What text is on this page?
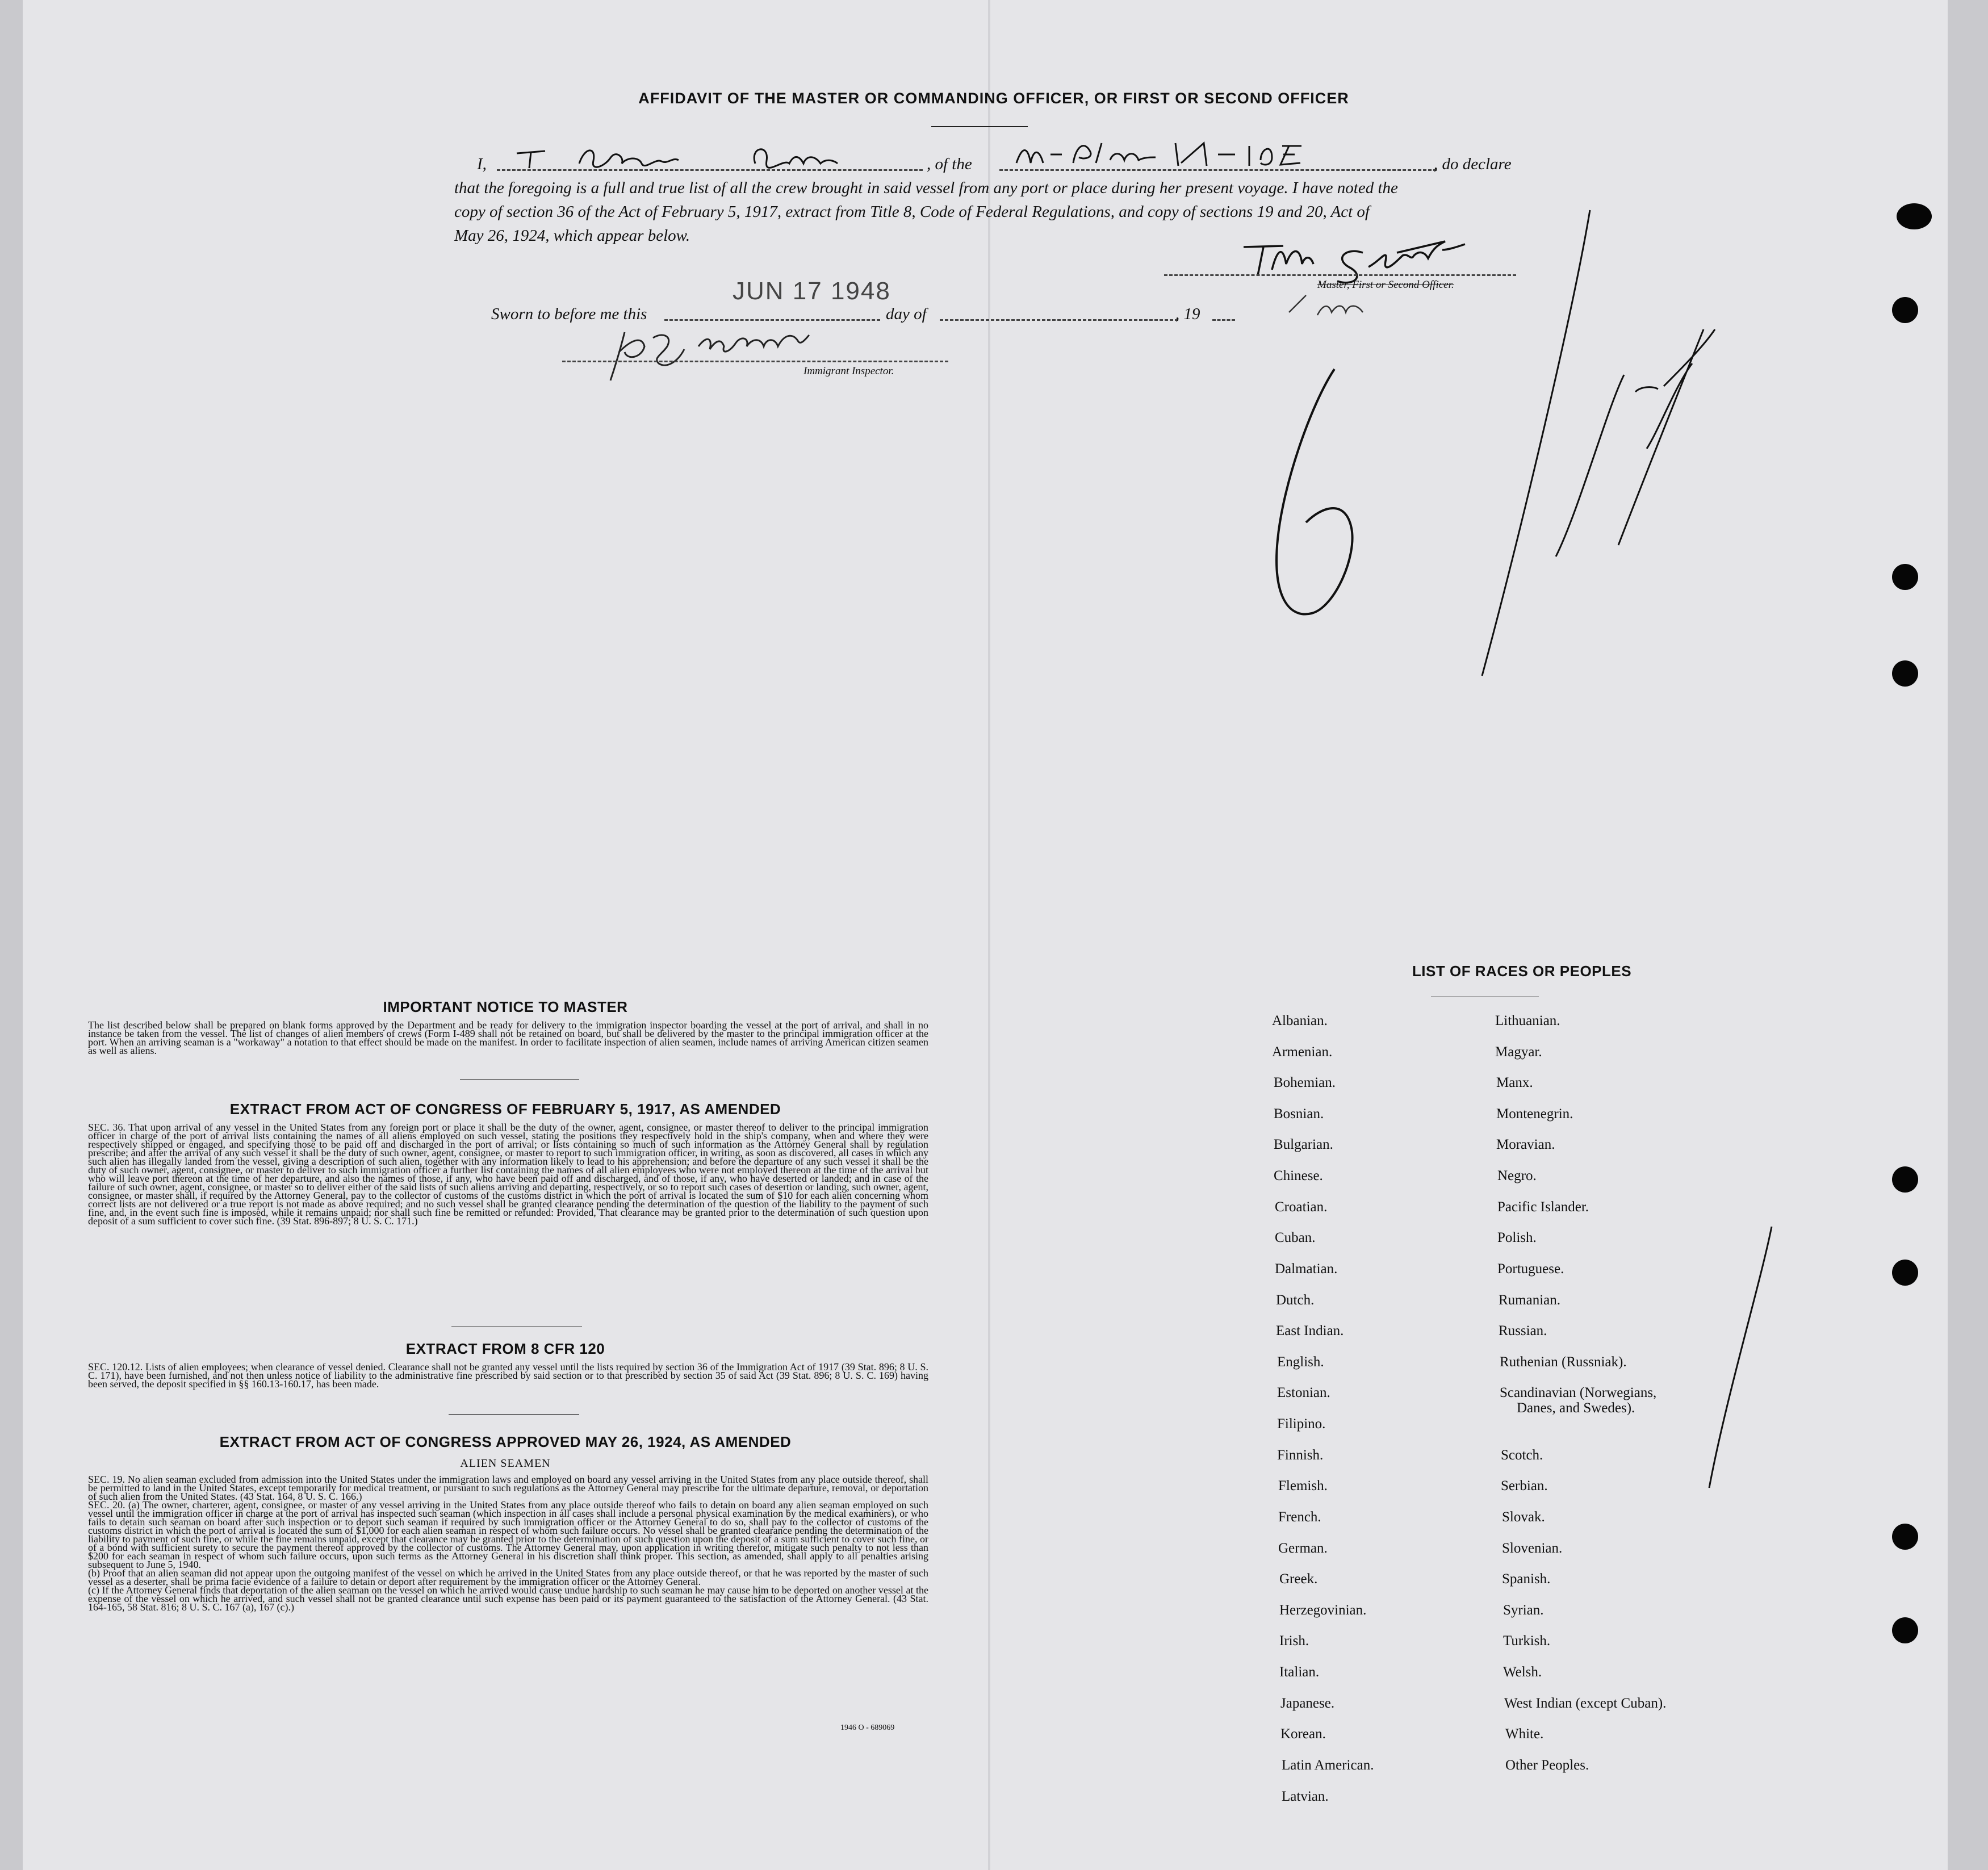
AFFIDAVIT OF THE MASTER OR COMMANDING OFFICER, OR FIRST OR SECOND OFFICER
I,	, of the	, do declare
that the foregoing is a full and true list of all the crew brought in said vessel from any port or place during her present voyage. I have noted the
copy of section 36 of the Act of February 5, 1917, extract from Title 8, Code of Federal Regulations, and copy of sections 19 and 20, Act of
May 26, 1924, which appear below.
Master, First or Second Officer.
Sworn to before me this
JUN 17 1948
day of	, 19
Immigrant Inspector.
IMPORTANT NOTICE TO MASTER

The list described below shall be prepared on blank forms approved by the Department and be ready for delivery to the immigration inspector boarding the vessel at the port of arrival, and shall in no instance be taken from the vessel. The list of changes of alien members of crews (Form I-489 shall not be retained on board, but shall be delivered by the master to the principal immigration officer at the port. When an arriving seaman is a "workaway" a notation to that effect should be made on the manifest. In order to facilitate inspection of alien seamen, include names of arriving American citizen seamen as well as aliens.

EXTRACT FROM ACT OF CONGRESS OF FEBRUARY 5, 1917, AS AMENDED

SEC. 36. That upon arrival of any vessel in the United States from any foreign port or place it shall be the duty of the owner, agent, consignee, or master thereof to deliver to the principal immigration officer in charge of the port of arrival lists containing the names of all aliens employed on such vessel, stating the positions they respectively hold in the ship's company, when and where they were respectively shipped or engaged, and specifying those to be paid off and discharged in the port of arrival; or lists containing so much of such information as the Attorney General shall by regulation prescribe; and after the arrival of any such vessel it shall be the duty of such owner, agent, consignee, or master to report to such immigration officer, in writing, as soon as discovered, all cases in which any such alien has illegally landed from the vessel, giving a description of such alien, together with any information likely to lead to his apprehension; and before the departure of any such vessel it shall be the duty of such owner, agent, consignee, or master to deliver to such immigration officer a further list containing the names of all alien employees who were not employed thereon at the time of the arrival but who will leave port thereon at the time of her departure, and also the names of those, if any, who have been paid off and discharged, and of those, if any, who have deserted or landed; and in case of the failure of such owner, agent, consignee, or master so to deliver either of the said lists of such aliens arriving and departing, respectively, or so to report such cases of desertion or landing, such owner, agent, consignee, or master shall, if required by the Attorney General, pay to the collector of customs of the customs district in which the port of arrival is located the sum of $10 for each alien concerning whom correct lists are not delivered or a true report is not made as above required; and no such vessel shall be granted clearance pending the determination of the question of the liability to the payment of such fine, and, in the event such fine is imposed, while it remains unpaid; nor shall such fine be remitted or refunded: Provided, That clearance may be granted prior to the determination of such question upon deposit of a sum sufficient to cover such fine. (39 Stat. 896-897; 8 U. S. C. 171.)

EXTRACT FROM 8 CFR 120

SEC. 120.12. Lists of alien employees; when clearance of vessel denied. Clearance shall not be granted any vessel until the lists required by section 36 of the Immigration Act of 1917 (39 Stat. 896; 8 U. S. C. 171), have been furnished, and not then unless notice of liability to the administrative fine prescribed by said section or to that prescribed by section 35 of said Act (39 Stat. 896; 8 U. S. C. 169) having been served, the deposit specified in §§ 160.13-160.17, has been made.

EXTRACT FROM ACT OF CONGRESS APPROVED MAY 26, 1924, AS AMENDED
ALIEN SEAMEN

SEC. 19. No alien seaman excluded from admission into the United States under the immigration laws and employed on board any vessel arriving in the United States from any place outside thereof, shall be permitted to land in the United States, except temporarily for medical treatment, or pursuant to such regulations as the Attorney General may prescribe for the ultimate departure, removal, or deportation of such alien from the United States. (43 Stat. 164, 8 U. S. C. 166.)

SEC. 20. (a) The owner, charterer, agent, consignee, or master of any vessel arriving in the United States from any place outside thereof who fails to detain on board any alien seaman employed on such vessel until the immigration officer in charge at the port of arrival has inspected such seaman (which inspection in all cases shall include a personal physical examination by the medical examiners), or who fails to detain such seaman on board after such inspection or to deport such seaman if required by such immigration officer or the Attorney General to do so, shall pay to the collector of customs of the customs district in which the port of arrival is located the sum of $1,000 for each alien seaman in respect of whom such failure occurs. No vessel shall be granted clearance pending the determination of the liability to payment of such fine, or while the fine remains unpaid, except that clearance may be granted prior to the determination of such question upon the deposit of a sum sufficient to cover such fine, or of a bond with sufficient surety to secure the payment thereof approved by the collector of customs. The Attorney General may, upon application in writing therefor, mitigate such penalty to not less than $200 for each seaman in respect of whom such failure occurs, upon such terms as the Attorney General in his discretion shall think proper. This section, as amended, shall apply to all penalties arising subsequent to June 5, 1940.

(b) Proof that an alien seaman did not appear upon the outgoing manifest of the vessel on which he arrived in the United States from any place outside thereof, or that he was reported by the master of such vessel as a deserter, shall be prima facie evidence of a failure to detain or deport after requirement by the immigration officer or the Attorney General.

(c) If the Attorney General finds that deportation of the alien seaman on the vessel on which he arrived would cause undue hardship to such seaman he may cause him to be deported on another vessel at the expense of the vessel on which he arrived, and such vessel shall not be granted clearance until such expense has been paid or its payment guaranteed to the satisfaction of the Attorney General. (43 Stat. 164-165, 58 Stat. 816; 8 U. S. C. 167 (a), 167 (c).)

1946 O - 689069
LIST OF RACES OR PEOPLES
Albanian.
Armenian.
Bohemian.
Bosnian.
Bulgarian.
Chinese.
Croatian.
Cuban.
Dalmatian.
Dutch.
East Indian.
English.
Estonian.
Filipino.
Finnish.
Flemish.
French.
German.
Greek.
Herzegovinian.
Irish.
Italian.
Japanese.
Korean.
Latin American.
Latvian.
Lithuanian.
Magyar.
Manx.
Montenegrin.
Moravian.
Negro.
Pacific Islander.
Polish.
Portuguese.
Rumanian.
Russian.
Ruthenian (Russniak).
Scandinavian (Norwegians,
Danes, and Swedes).
Scotch.
Serbian.
Slovak.
Slovenian.
Spanish.
Syrian.
Turkish.
Welsh.
West Indian (except Cuban).
White.
Other Peoples.
